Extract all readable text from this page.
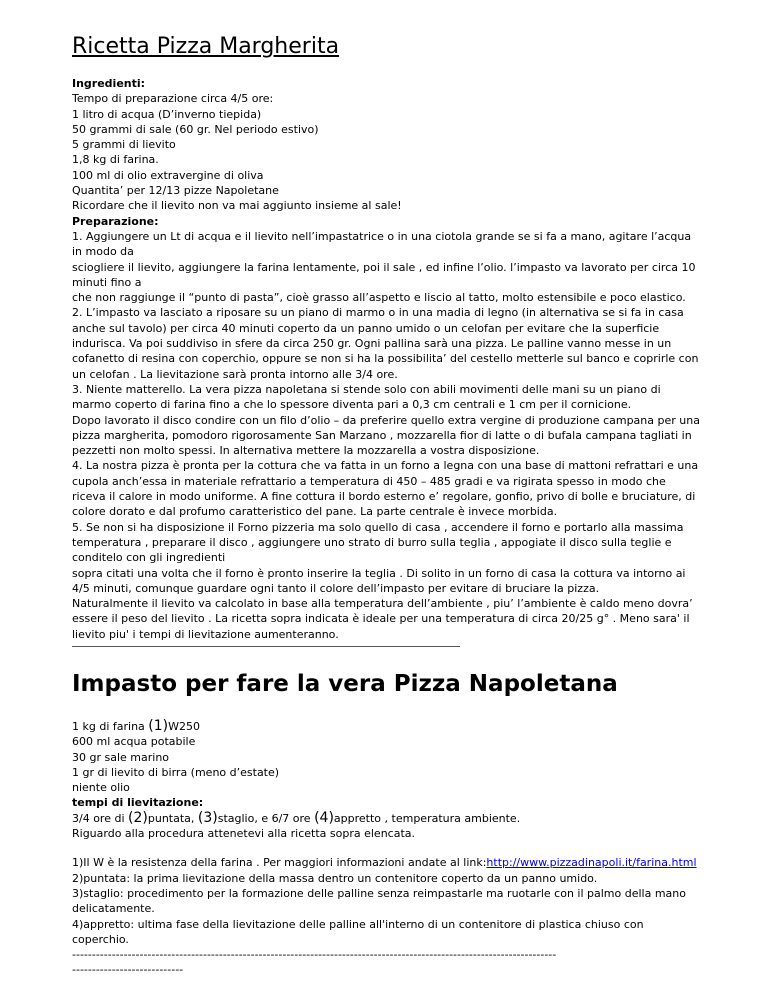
Ricetta Pizza Margherita

Ingredienti:

Tempo di preparazione circa 4/5 ore:

1 litro di acqua (D’inverno tiepida)

50 grammi di sale (60 gr. Nel periodo estivo)

5 grammi di lievito

1,8 kg di farina.

100 ml di olio extravergine di oliva

Quantita’ per 12/13 pizze Napoletane

Ricordare che il lievito non va mai aggiunto insieme al sale!

Preparazione:

1. Aggiungere un Lt di acqua e il lievito nell’impastatrice o in una ciotola grande se si fa a mano, agitare l’acqua in modo da

sciogliere il lievito, aggiungere la farina lentamente, poi il sale , ed infine l’olio. l’impasto va lavorato per circa 10 minuti fino a

che non raggiunge il “punto di pasta”, cioè grasso all’aspetto e liscio al tatto, molto estensibile e poco elastico.

2. L’impasto va lasciato a riposare su un piano di marmo o in una madia di legno (in alternativa se si fa in casa anche sul tavolo) per circa 40 minuti coperto da un panno umido o un celofan per evitare che la superficie indurisca. Va poi suddiviso in sfere da circa 250 gr. Ogni pallina sarà una pizza. Le palline vanno messe in un cofanetto di resina con coperchio, oppure se non si ha la possibilita’ del cestello metterle sul banco e coprirle con un celofan . La lievitazione sarà pronta intorno alle 3/4 ore.

3. Niente matterello. La vera pizza napoletana si stende solo con abili movimenti delle mani su un piano di marmo coperto di farina fino a che lo spessore diventa pari a 0,3 cm centrali e 1 cm per il cornicione.

Dopo lavorato il disco condire con un filo d’olio – da preferire quello extra vergine di produzione campana per una pizza margherita, pomodoro rigorosamente San Marzano , mozzarella fior di latte o di bufala campana tagliati in pezzetti non molto spessi. In alternativa mettere la mozzarella a vostra disposizione.

4. La nostra pizza è pronta per la cottura che va fatta in un forno a legna con una base di mattoni refrattari e una cupola anch’essa in materiale refrattario a temperatura di 450 – 485 gradi e va rigirata spesso in modo che riceva il calore in modo uniforme. A fine cottura il bordo esterno e’ regolare, gonfio, privo di bolle e bruciature, di colore dorato e dal profumo caratteristico del pane. La parte centrale è invece morbida.

5. Se non si ha disposizione il Forno pizzeria ma solo quello di casa , accendere il forno e portarlo alla massima temperatura , preparare il disco , aggiungere uno strato di burro sulla teglia , appogiate il disco sulla teglie e conditelo con gli ingredienti

sopra citati una volta che il forno è pronto inserire la teglia . Di solito in un forno di casa la cottura va intorno ai 4/5 minuti, comunque guardare ogni tanto il colore dell’impasto per evitare di bruciare la pizza.

Naturalmente il lievito va calcolato in base alla temperatura dell’ambiente , piu’ l’ambiente è caldo meno dovra’ essere il peso del lievito . La ricetta sopra indicata è ideale per una temperatura di circa 20/25 g° . Meno sara' il lievito piu' i tempi di lievitazione aumenteranno.

Impasto per fare la vera Pizza Napoletana

1 kg di farina (1)W250

600 ml acqua potabile

30 gr sale marino

1 gr di lievito di birra (meno d’estate)

niente olio

tempi di lievitazione:

3/4 ore di (2)puntata, (3)staglio, e 6/7 ore (4)appretto , temperatura ambiente.

Riguardo alla procedura attenetevi alla ricetta sopra elencata.

1)Il W è la resistenza della farina . Per maggiori informazioni andate al link:http://www.pizzadinapoli.it/farina.html

2)puntata: la prima lievitazione della massa dentro un contenitore coperto da un panno umido.

3)staglio: procedimento per la formazione delle palline senza reimpastarle ma ruotarle con il palmo della mano delicatamente.

4)appretto: ultima fase della lievitazione delle palline all'interno di un contenitore di plastica chiuso con coperchio.

--------------------------------------------------------------------------------------------------------------------------

----------------------------
